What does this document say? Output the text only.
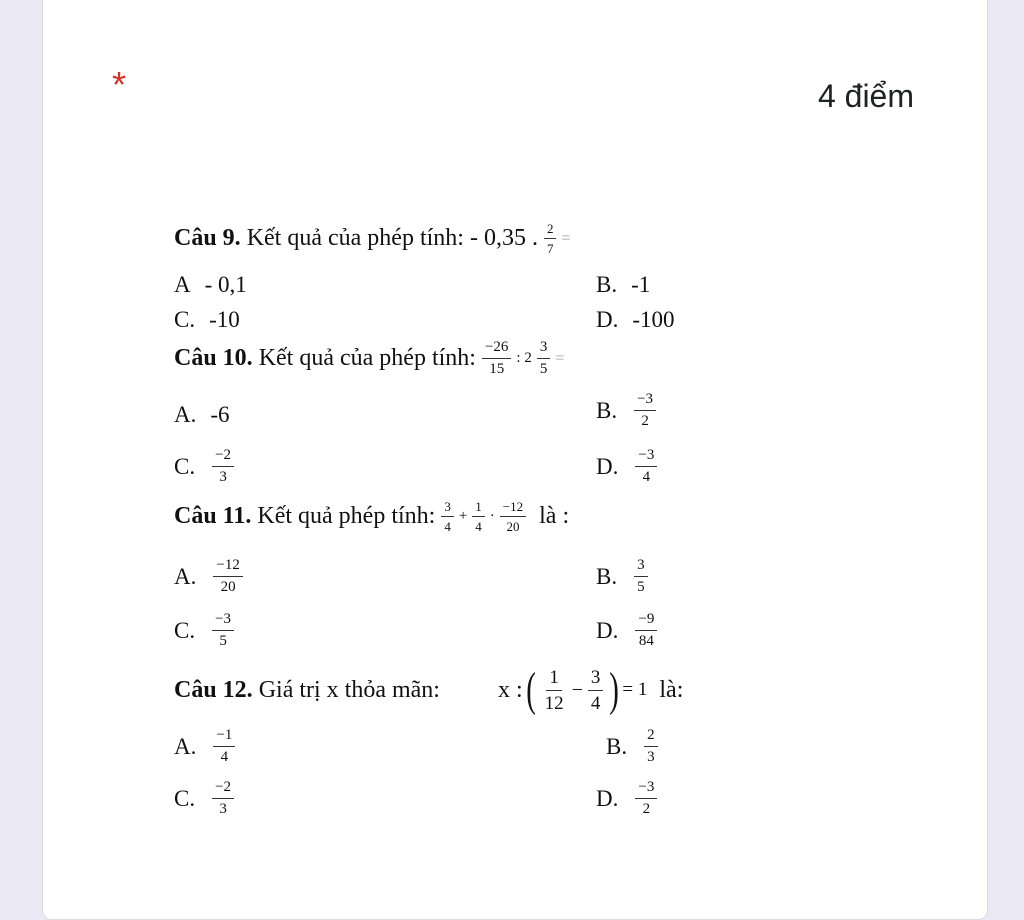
*	4 điểm
Câu 9. Kết quả của phép tính: - 0,35 . $\frac{2}{7}$ =
A - 0,1	B. -1
C. -10	D. -100
Câu 10. Kết quả của phép tính: $\frac{-26}{15}$ : $2 \frac{3}{5}$ =
A. -6	B. $\frac{-3}{2}$
C. $\frac{-2}{3}$	D. $\frac{-3}{4}$
Câu 11. Kết quả phép tính: $\frac{3}{4} + \frac{1}{4} \cdot \frac{-12}{20}$ là :
A. $\frac{-12}{20}$	B. $\frac{3}{5}$
C. $\frac{-3}{5}$	D. $\frac{-9}{84}$
Câu 12. Giá trị x thỏa mãn: x : ( $\frac{1}{12} - \frac{3}{4}$ ) = 1 là:
A. $\frac{-1}{4}$	B. $\frac{2}{3}$
C. $\frac{-2}{3}$	D. $\frac{-3}{2}$
